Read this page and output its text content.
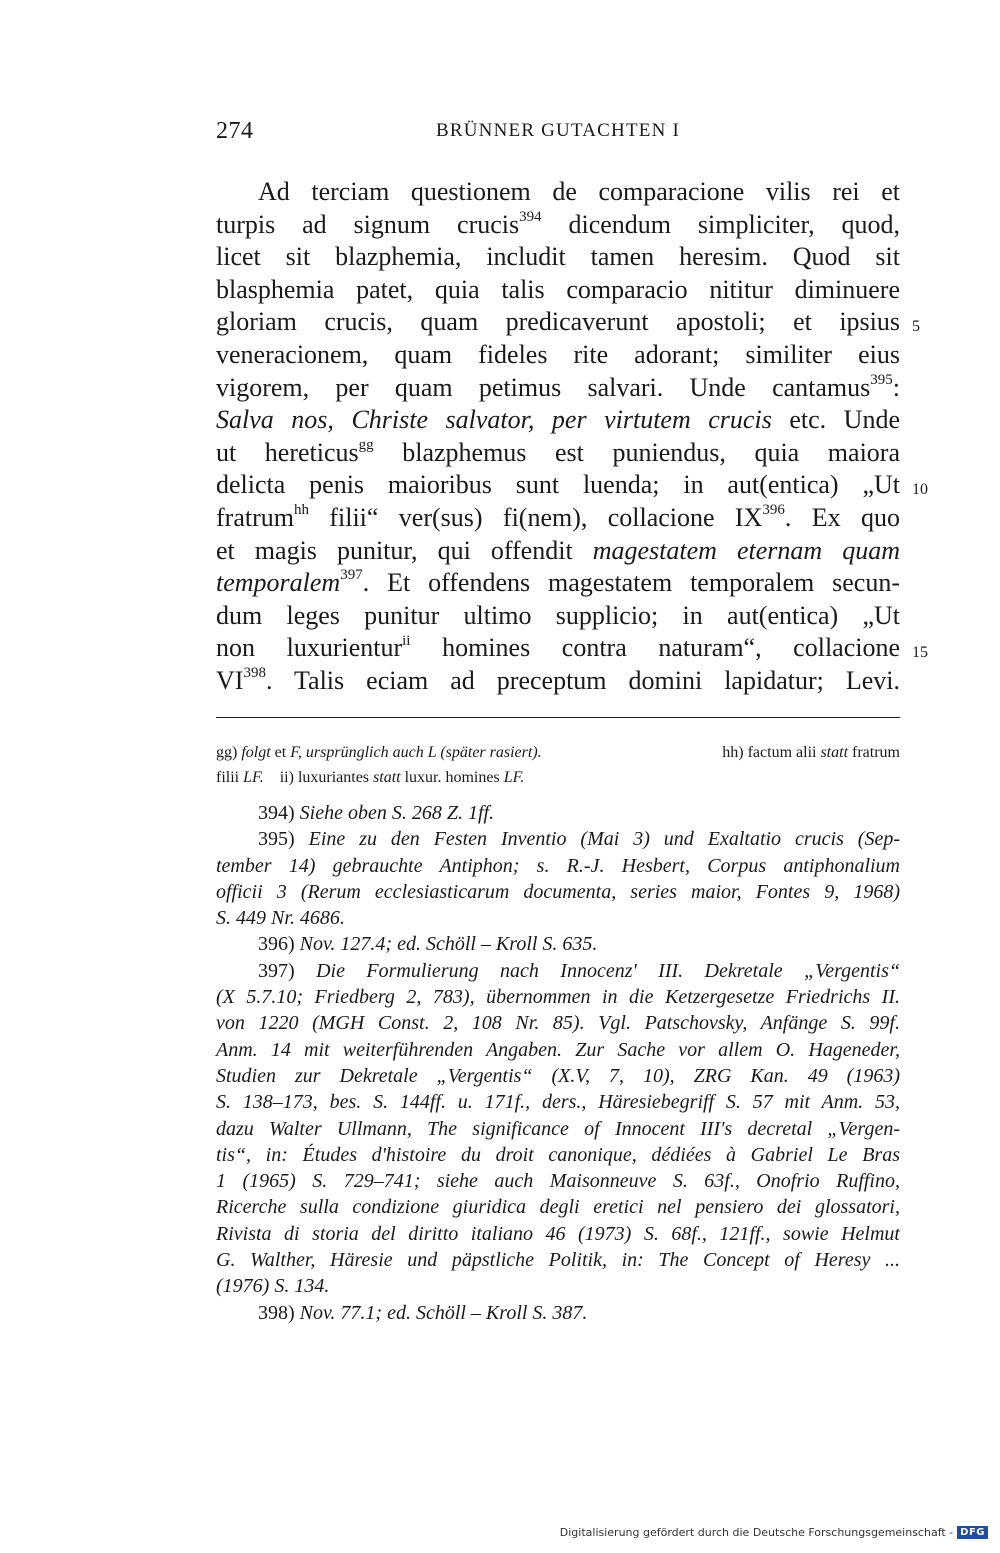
274	BRÜNNER GUTACHTEN I
Ad terciam questionem de comparacione vilis rei et
turpis ad signum crucis$^{394}$ dicendum simpliciter, quod,
licet sit blazphemia, includit tamen heresim. Quod sit
blasphemia patet, quia talis comparacio nititur diminuere
gloriam crucis, quam predicaverunt apostoli; et ipsius
veneracionem, quam fideles rite adorant; similiter eius
vigorem, per quam petimus salvari. Unde cantamus$^{395}$:
Salva nos, Christe salvator, per virtutem crucis etc. Unde
ut hereticus$^{gg}$ blazphemus est puniendus, quia maiora
delicta penis maioribus sunt luenda; in aut(entica) „Ut
fratrum$^{hh}$ filii“ ver(sus) fi(nem), collacione IX$^{396}$. Ex quo
et magis punitur, qui offendit magestatem eternam quam
temporalem$^{397}$. Et offendens magestatem temporalem secun-
dum leges punitur ultimo supplicio; in aut(entica) „Ut
non luxurientur$^{ii}$ homines contra naturam“, collacione
VI$^{398}$. Talis eciam ad preceptum domini lapidatur; Levi.
5
10
15
gg) folgt et F, ursprünglich auch L (später rasiert).	hh) factum alii statt fratrum
filii LF. ii) luxuriantes statt luxur. homines LF.
394) Siehe oben S. 268 Z. 1ff.
395) Eine zu den Festen Inventio (Mai 3) und Exaltatio crucis (Sep-
tember 14) gebrauchte Antiphon; s. R.-J. Hesbert, Corpus antiphonalium
officii 3 (Rerum ecclesiasticarum documenta, series maior, Fontes 9, 1968)
S. 449 Nr. 4686.
396) Nov. 127.4; ed. Schöll – Kroll S. 635.
397) Die Formulierung nach Innocenz' III. Dekretale „Vergentis“
(X 5.7.10; Friedberg 2, 783), übernommen in die Ketzergesetze Friedrichs II.
von 1220 (MGH Const. 2, 108 Nr. 85). Vgl. Patschovsky, Anfänge S. 99f.
Anm. 14 mit weiterführenden Angaben. Zur Sache vor allem O. Hageneder,
Studien zur Dekretale „Vergentis“ (X.V, 7, 10), ZRG Kan. 49 (1963)
S. 138–173, bes. S. 144ff. u. 171f., ders., Häresiebegriff S. 57 mit Anm. 53,
dazu Walter Ullmann, The significance of Innocent III's decretal „Vergen-
tis“, in: Études d'histoire du droit canonique, dédiées à Gabriel Le Bras
1 (1965) S. 729–741; siehe auch Maisonneuve S. 63f., Onofrio Ruffino,
Ricerche sulla condizione giuridica degli eretici nel pensiero dei glossatori,
Rivista di storia del diritto italiano 46 (1973) S. 68f., 121ff., sowie Helmut
G. Walther, Häresie und päpstliche Politik, in: The Concept of Heresy ...
(1976) S. 134.
398) Nov. 77.1; ed. Schöll – Kroll S. 387.
Digitalisierung gefördert durch die Deutsche Forschungsgemeinschaft - DFG
